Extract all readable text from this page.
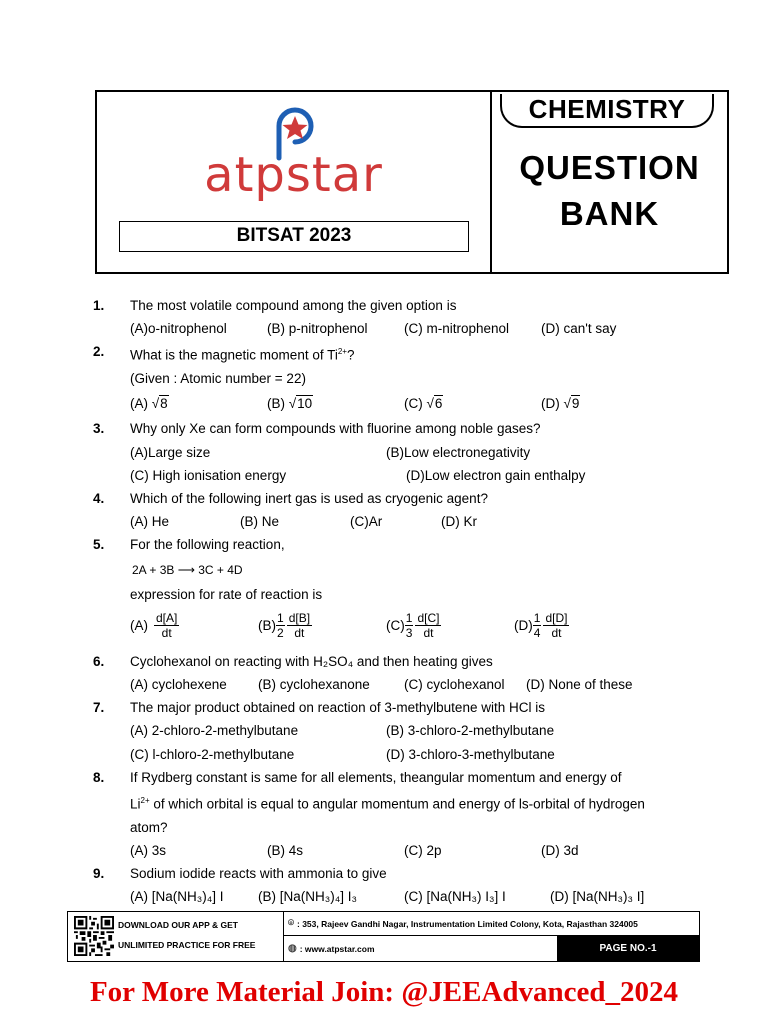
atpstar
BITSAT 2023
CHEMISTRY
QUESTION
BANK
1.	The most volatile compound among the given option is
(A)o-nitrophenol	(B) p-nitrophenol	(C) m-nitrophenol	(D) can't say
2.	What is the magnetic moment of $Ti^{2+}$?
(Given : Atomic number = 22)
(A) √8	(B) √10	(C) √6	(D) √9
3.	Why only Xe can form compounds with fluorine among noble gases?
(A)Large size	(B)Low electronegativity
(C) High ionisation energy	(D)Low electron gain enthalpy
4.	Which of the following inert gas is used as cryogenic agent?
(A) He	(B) Ne	(C)Ar	(D) Kr
5.	For the following reaction,
2A + 3B ⟶ 3C + 4D
expression for rate of reaction is
$(A) \frac{d[A]}{dt}$	(B) 1
$2 \frac{d[B]}{dt}$	(C) 1
$3 \frac{d[C]}{dt}$	(D) 1
$4 \frac{d[D]}{dt}$
6.	Cyclohexanol on reacting with H₂SO₄ and then heating gives
(A) cyclohexene	(B) cyclohexanone	(C) cyclohexanol	(D) None of these
7.	The major product obtained on reaction of 3-methylbutene with HCl is
(A) 2-chloro-2-methylbutane	(B) 3-chloro-2-methylbutane
(C) l-chloro-2-methylbutane	(D) 3-chloro-3-methylbutane
8.	If Rydberg constant is same for all elements, theangular momentum and energy of
$Li^{2+}$ of which orbital is equal to angular momentum and energy of ls-orbital of hydrogen
atom?
(A) 3s	(B) 4s	(C) 2p	(D) 3d
9.	Sodium iodide reacts with ammonia to give
(A) [Na(NH₃)₄] I	(B) [Na(NH₃)₄] I₃	(C) [Na(NH₃) I₃] I	(D) [Na(NH₃)₃ I]
DOWNLOAD OUR APP & GET
UNLIMITED PRACTICE FOR FREE
⌾ : 353, Rajeev Gandhi Nagar, Instrumentation Limited Colony, Kota, Rajasthan 324005
◍ : www.atpstar.com	PAGE NO.-1
For More Material Join: @JEEAdvanced_2024
